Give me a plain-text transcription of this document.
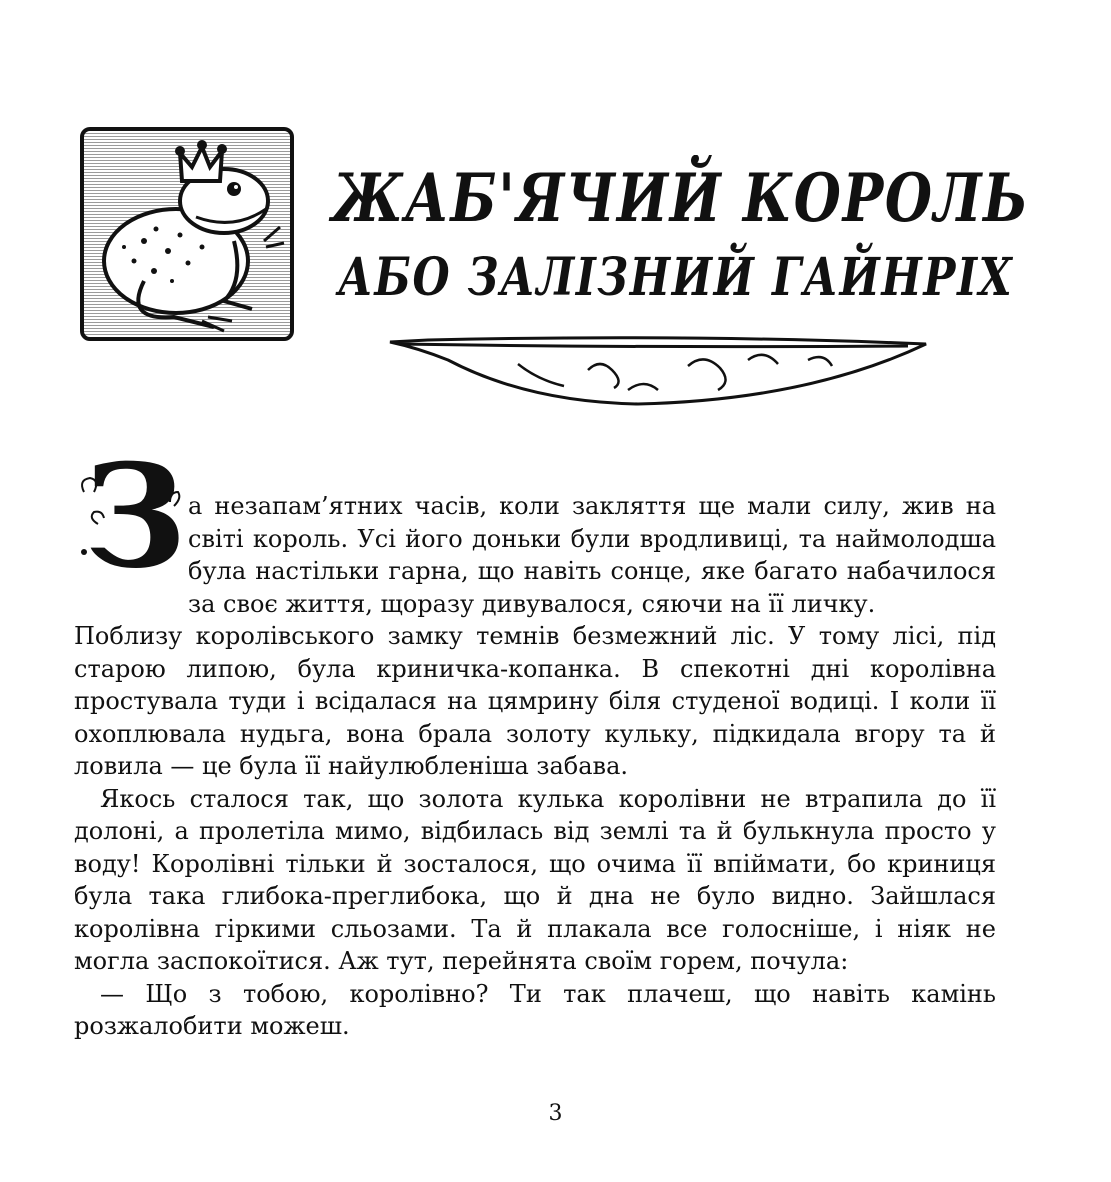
ЖАБ'ЯЧИЙ КОРОЛЬ
АБО ЗАЛІЗНИЙ ГАЙНРІХ
З а незапам’ятних часів, коли закляття ще мали силу, жив на світі король. Усі його доньки були вродливиці, та наймолодша була настільки гарна, що навіть сонце, яке багато набачилося за своє життя, щоразу дивувалося, сяючи на її личку.

Поблизу королівського замку темнів безмежний ліс. У тому лісі, під старою липою, була криничка-копанка. В спекотні дні королівна простувала туди і всідалася на цямрину біля студеної водиці. І коли її охоплювала нудьга, вона брала золоту кульку, підкидала вгору та й ловила — це була її найулюбленіша забава.

Якось сталося так, що золота кулька королівни не втрапила до її долоні, а пролетіла мимо, відбилась від землі та й булькнула просто у воду! Королівні тільки й зосталося, що очима її впіймати, бо криниця була така глибока-преглибока, що й дна не було видно. Зайшлася королівна гіркими сльозами. Та й плакала все голосніше, і ніяк не могла заспокоїтися. Аж тут, перейнята своїм горем, почула:

— Що з тобою, королівно? Ти так плачеш, що навіть камінь розжалобити можеш.

3
